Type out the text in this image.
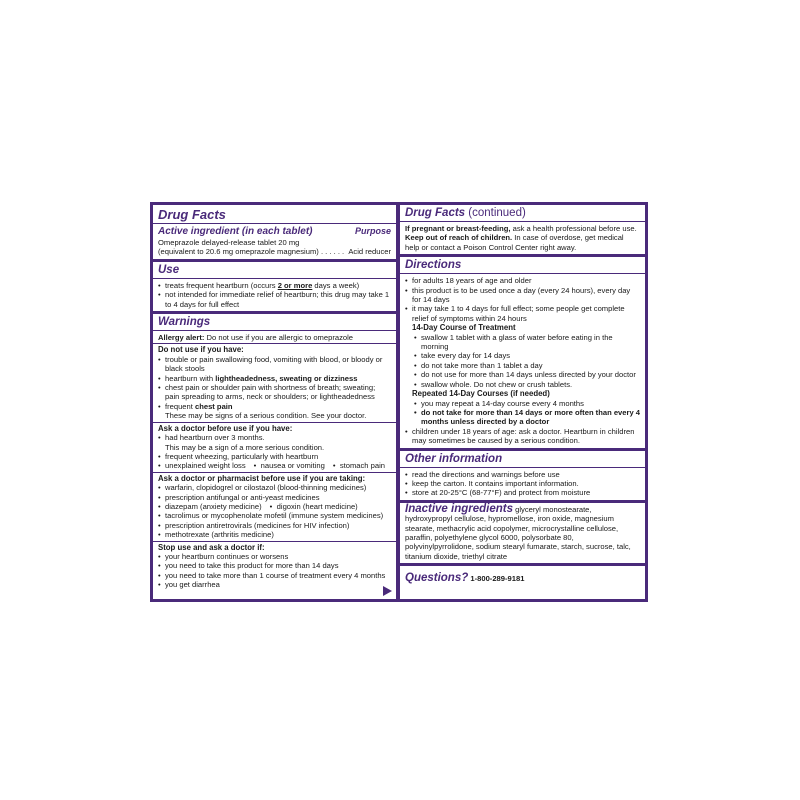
Drug Facts
Active ingredient (in each tablet)	Purpose
Omeprazole delayed-release tablet 20 mg
(equivalent to 20.6 mg omeprazole magnesium) . . . . . . Acid reducer
Use
• treats frequent heartburn (occurs 2 or more days a week)
• not intended for immediate relief of heartburn; this drug may take 1 to 4 days for full effect
Warnings
Allergy alert: Do not use if you are allergic to omeprazole
Do not use if you have:
• trouble or pain swallowing food, vomiting with blood, or bloody or black stools
• heartburn with lightheadedness, sweating or dizziness
• chest pain or shoulder pain with shortness of breath; sweating; pain spreading to arms, neck or shoulders; or lightheadedness
• frequent chest pain
These may be signs of a serious condition. See your doctor.
Ask a doctor before use if you have:
• had heartburn over 3 months.
This may be a sign of a more serious condition.
• frequent wheezing, particularly with heartburn
• unexplained weight loss	• nausea or vomiting	• stomach pain
Ask a doctor or pharmacist before use if you are taking:
• warfarin, clopidogrel or cilostazol (blood-thinning medicines)
• prescription antifungal or anti-yeast medicines
• diazepam (anxiety medicine)	• digoxin (heart medicine)
• tacrolimus or mycophenolate mofetil (immune system medicines)
• prescription antiretrovirals (medicines for HIV infection)
• methotrexate (arthritis medicine)
Stop use and ask a doctor if:
• your heartburn continues or worsens
• you need to take this product for more than 14 days
• you need to take more than 1 course of treatment every 4 months
• you get diarrhea
Drug Facts (continued)
If pregnant or breast-feeding, ask a health professional before use.
Keep out of reach of children. In case of overdose, get medical help or contact a Poison Control Center right away.
Directions
• for adults 18 years of age and older
• this product is to be used once a day (every 24 hours), every day for 14 days
• it may take 1 to 4 days for full effect; some people get complete relief of symptoms within 24 hours
14-Day Course of Treatment
• swallow 1 tablet with a glass of water before eating in the morning
• take every day for 14 days
• do not take more than 1 tablet a day
• do not use for more than 14 days unless directed by your doctor
• swallow whole. Do not chew or crush tablets.
Repeated 14-Day Courses (if needed)
• you may repeat a 14-day course every 4 months
• do not take for more than 14 days or more often than every 4 months unless directed by a doctor
• children under 18 years of age: ask a doctor. Heartburn in children may sometimes be caused by a serious condition.
Other information
• read the directions and warnings before use
• keep the carton. It contains important information.
• store at 20-25°C (68-77°F) and protect from moisture
Inactive ingredients glyceryl monostearate, hydroxypropyl cellulose, hypromellose, iron oxide, magnesium stearate, methacrylic acid copolymer, microcrystalline cellulose, paraffin, polyethylene glycol 6000, polysorbate 80, polyvinylpyrrolidone, sodium stearyl fumarate, starch, sucrose, talc, titanium dioxide, triethyl citrate
Questions? 1-800-289-9181
